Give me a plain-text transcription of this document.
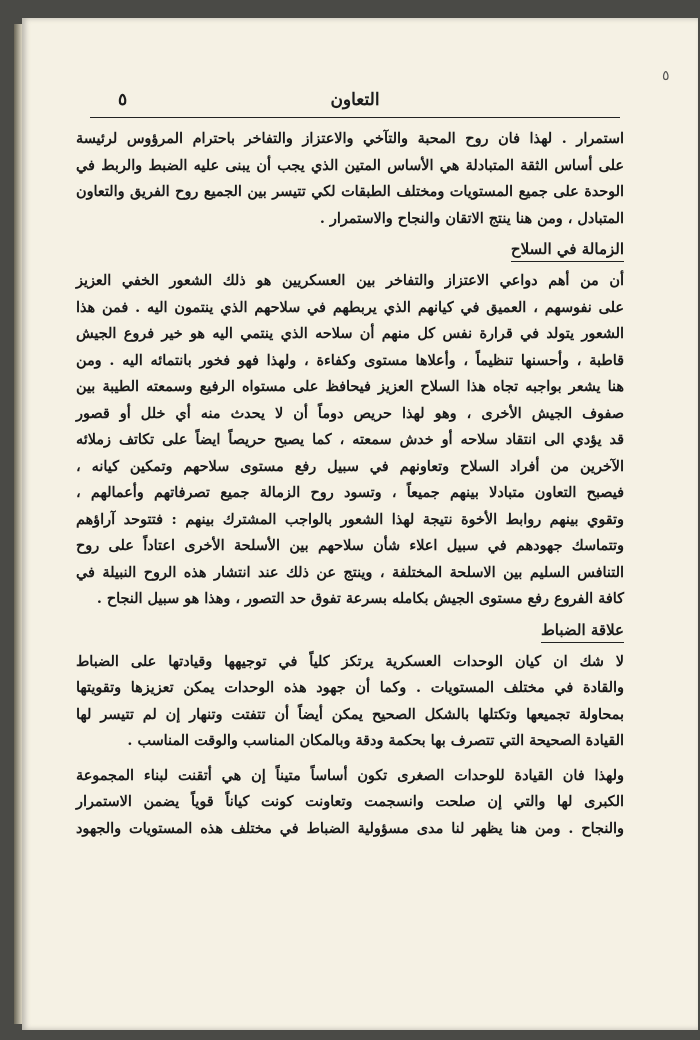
٥
التعاون
٥

استمرار . لهذا فان روح المحبة والتآخي والاعتزاز والتفاخر باحترام المرؤوس لرئيسة

على أساس الثقة المتبادلة هي الأساس المتين الذي يجب أن يبنى عليه الضبط والربط في

الوحدة على جميع المستويات ومختلف الطبقات لكي تتيسر بين الجميع روح الفريق والتعاون

المتبادل ، ومن هنا ينتج الاتقان والنجاح والاستمرار .

الزمالة في السلاح

أن من أهم دواعي الاعتزاز والتفاخر بين العسكريين هو ذلك الشعور الخفي العزيز

على نفوسهم ، العميق في كيانهم الذي يربطهم في سلاحهم الذي ينتمون اليه . فمن هذا

الشعور يتولد في قرارة نفس كل منهم أن سلاحه الذي ينتمي اليه هو خير فروع الجيش

قاطبة ، وأحسنها تنظيماً ، وأعلاها مستوى وكفاءة ، ولهذا فهو فخور بانتمائه اليه . ومن

هنا يشعر بواجبه تجاه هذا السلاح العزيز فيحافظ على مستواه الرفيع وسمعته الطيبة بين

صفوف الجيش الأخرى ، وهو لهذا حريص دوماً أن لا يحدث منه أي خلل أو قصور

قد يؤدي الى انتقاد سلاحه أو خدش سمعته ، كما يصبح حريصاً ايضاً على تكاتف زملائه

الآخرين من أفراد السلاح وتعاونهم في سبيل رفع مستوى سلاحهم وتمكين كيانه ،

فيصبح التعاون متبادلا بينهم جميعاً ، وتسود روح الزمالة جميع تصرفاتهم وأعمالهم ،

وتقوي بينهم روابط الأخوة نتيجة لهذا الشعور بالواجب المشترك بينهم : فتتوحد آراؤهم

وتتماسك جهودهم في سبيل اعلاء شأن سلاحهم بين الأسلحة الأخرى اعتاداً على روح

التنافس السليم بين الاسلحة المختلفة ، وينتج عن ذلك عند انتشار هذه الروح النبيلة في

كافة الفروع رفع مستوى الجيش بكامله بسرعة تفوق حد التصور ، وهذا هو سبيل النجاح .

علاقة الضباط

لا شك ان كيان الوحدات العسكرية يرتكز كلياً في توجيهها وقيادتها على الضباط

والقادة في مختلف المستويات . وكما أن جهود هذه الوحدات يمكن تعزيزها وتقويتها

بمحاولة تجميعها وتكتلها بالشكل الصحيح يمكن أيضاً أن تتفتت وتنهار إن لم تتيسر لها

القيادة الصحيحة التي تتصرف بها بحكمة ودقة وبالمكان المناسب والوقت المناسب .

ولهذا فان القيادة للوحدات الصغرى تكون أساساً متيناً إن هي أتقنت لبناء المجموعة

الكبرى لها والتي إن صلحت وانسجمت وتعاونت كونت كياناً قوياً يضمن الاستمرار

والنجاح . ومن هنا يظهر لنا مدى مسؤولية الضباط في مختلف هذه المستويات والجهود
